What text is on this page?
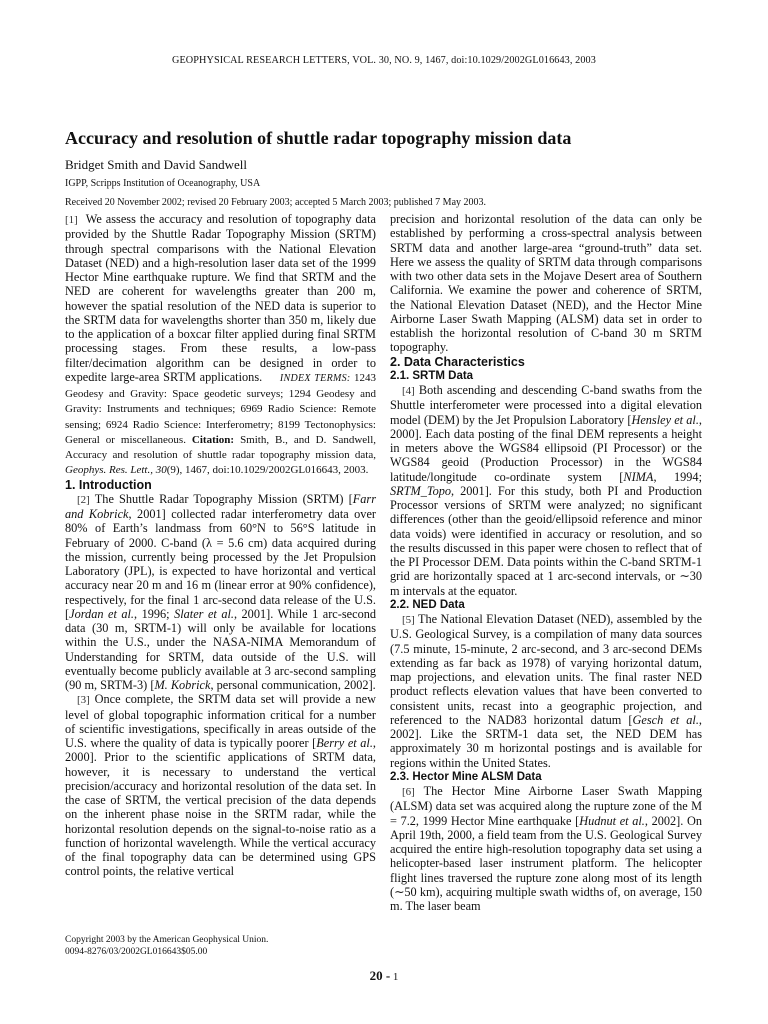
GEOPHYSICAL RESEARCH LETTERS, VOL. 30, NO. 9, 1467, doi:10.1029/2002GL016643, 2003
Accuracy and resolution of shuttle radar topography mission data
Bridget Smith and David Sandwell
IGPP, Scripps Institution of Oceanography, USA
Received 20 November 2002; revised 20 February 2003; accepted 5 March 2003; published 7 May 2003.

[1] We assess the accuracy and resolution of topography data provided by the Shuttle Radar Topography Mission (SRTM) through spectral comparisons with the National Elevation Dataset (NED) and a high-resolution laser data set of the 1999 Hector Mine earthquake rupture. We find that SRTM and the NED are coherent for wavelengths greater than 200 m, however the spatial resolution of the NED data is superior to the SRTM data for wavelengths shorter than 350 m, likely due to the application of a boxcar filter applied during final SRTM processing stages. From these results, a low-pass filter/decimation algorithm can be designed in order to expedite large-area SRTM applications. INDEX TERMS: 1243 Geodesy and Gravity: Space geodetic surveys; 1294 Geodesy and Gravity: Instruments and techniques; 6969 Radio Science: Remote sensing; 6924 Radio Science: Interferometry; 8199 Tectonophysics: General or miscellaneous. Citation: Smith, B., and D. Sandwell, Accuracy and resolution of shuttle radar topography mission data, Geophys. Res. Lett., 30(9), 1467, doi:10.1029/2002GL016643, 2003.

1. Introduction

[2] The Shuttle Radar Topography Mission (SRTM) [Farr and Kobrick, 2001] collected radar interferometry data over 80% of Earth’s landmass from 60°N to 56°S latitude in February of 2000. C-band (λ = 5.6 cm) data acquired during the mission, currently being processed by the Jet Propulsion Laboratory (JPL), is expected to have horizontal and vertical accuracy near 20 m and 16 m (linear error at 90% confidence), respectively, for the final 1 arc-second data release of the U.S. [Jordan et al., 1996; Slater et al., 2001]. While 1 arc-second data (30 m, SRTM-1) will only be available for locations within the U.S., under the NASA-NIMA Memorandum of Understanding for SRTM, data outside of the U.S. will eventually become publicly available at 3 arc-second sampling (90 m, SRTM-3) [M. Kobrick, personal communication, 2002].

[3] Once complete, the SRTM data set will provide a new level of global topographic information critical for a number of scientific investigations, specifically in areas outside of the U.S. where the quality of data is typically poorer [Berry et al., 2000]. Prior to the scientific applications of SRTM data, however, it is necessary to understand the vertical precision/accuracy and horizontal resolution of the data set. In the case of SRTM, the vertical precision of the data depends on the inherent phase noise in the SRTM radar, while the horizontal resolution depends on the signal-to-noise ratio as a function of horizontal wavelength. While the vertical accuracy of the final topography data can be determined using GPS control points, the relative vertical

precision and horizontal resolution of the data can only be established by performing a cross-spectral analysis between SRTM data and another large-area “ground-truth” data set. Here we assess the quality of SRTM data through comparisons with two other data sets in the Mojave Desert area of Southern California. We examine the power and coherence of SRTM, the National Elevation Dataset (NED), and the Hector Mine Airborne Laser Swath Mapping (ALSM) data set in order to establish the horizontal resolution of C-band 30 m SRTM topography.

2. Data Characteristics

2.1. SRTM Data

[4] Both ascending and descending C-band swaths from the Shuttle interferometer were processed into a digital elevation model (DEM) by the Jet Propulsion Laboratory [Hensley et al., 2000]. Each data posting of the final DEM represents a height in meters above the WGS84 ellipsoid (PI Processor) or the WGS84 geoid (Production Processor) in the WGS84 latitude/longitude co-ordinate system [NIMA, 1994; SRTM_Topo, 2001]. For this study, both PI and Production Processor versions of SRTM were analyzed; no significant differences (other than the geoid/ellipsoid reference and minor data voids) were identified in accuracy or resolution, and so the results discussed in this paper were chosen to reflect that of the PI Processor DEM. Data points within the C-band SRTM-1 grid are horizontally spaced at 1 arc-second intervals, or ∼30 m intervals at the equator.

2.2. NED Data

[5] The National Elevation Dataset (NED), assembled by the U.S. Geological Survey, is a compilation of many data sources (7.5 minute, 15-minute, 2 arc-second, and 3 arc-second DEMs extending as far back as 1978) of varying horizontal datum, map projections, and elevation units. The final raster NED product reflects elevation values that have been converted to consistent units, recast into a geographic projection, and referenced to the NAD83 horizontal datum [Gesch et al., 2002]. Like the SRTM-1 data set, the NED DEM has approximately 30 m horizontal postings and is available for regions within the United States.

2.3. Hector Mine ALSM Data

[6] The Hector Mine Airborne Laser Swath Mapping (ALSM) data set was acquired along the rupture zone of the M = 7.2, 1999 Hector Mine earthquake [Hudnut et al., 2002]. On April 19th, 2000, a field team from the U.S. Geological Survey acquired the entire high-resolution topography data set using a helicopter-based laser instrument platform. The helicopter flight lines traversed the rupture zone along most of its length (∼50 km), acquiring multiple swath widths of, on average, 150 m. The laser beam

Copyright 2003 by the American Geophysical Union.
0094-8276/03/2002GL016643$05.00
20 - 1
